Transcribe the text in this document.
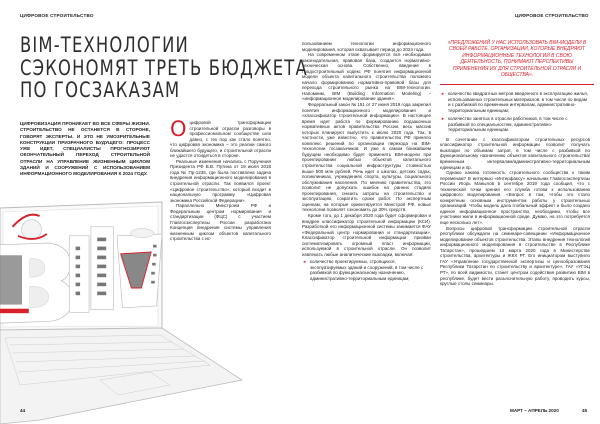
ЦИФРОВОЕ СТРОИТЕЛЬСТВО
BIM-ТЕХНОЛОГИИ
СЭКОНОМЯТ ТРЕТЬ БЮДЖЕТА
ПО ГОСЗАКАЗАМ
ЦИФРОВИЗАЦИЯ ПРОНИКАЕТ ВО ВСЕ СФЕРЫ ЖИЗНИ. СТРОИТЕЛЬСТВО НЕ ОСТАНЕТСЯ В СТОРОНЕ, ГОВОРЯТ ЭКСПЕРТЫ. И ЭТО НЕ УМОЗРИТЕЛЬНЫЕ КОНСТРУКЦИИ ПРИЗРАЧНОГО БУДУЩЕГО: ПРОЦЕСС УЖЕ ИДЕТ, СПЕЦИАЛИСТЫ ПРОГНОЗИРУЮТ ОКОНЧАТЕЛЬНЫЙ ПЕРЕХОД СТРОИТЕЛЬНОЙ ОТРАСЛИ НА УПРАВЛЕНИЕ ЖИЗНЕННЫМ ЦИКЛОМ ЗДАНИЙ И СООРУЖЕНИЙ С ИСПОЛЬЗОВАНИЕМ ИНФОРМАЦИОННОГО МОДЕЛИРОВАНИЯ К 2024 ГОДУ.

Оцифровой трансформации строительной отрасли разговоры в профессиональном сообществе шли давно, с тех пор как стало понятно, что цифровая экономика – это реалии самого ближайшего будущего, и строительной отрасли не удастся отсидеться в стороне.

Реальные изменения начались с Поручения Президента РФ В.В. Путина от 19 июля 2018 года № Пр-1235, где была поставлена задача внедрения информационного моделирования в строительной отрасли. Так появился проект «Цифровое строительство», который входит в национальную программу «Цифровая экономика Российской Федерации».

Параллельно Минстроем РФ и Федеральным центром нормирования и стандартизации (ФЦС) с участием Главгосэкспертизы России разработана Концепция внедрения системы управления жизненным циклом объектов капитального строительства с ис-

44
ЦИФРОВОЕ СТРОИТЕЛЬСТВО

пользованием технологии информационного моделирования, которая охватывает период до 2024 года.

На современном этапе формируется вся необходимая законодательная, правовая база, создается нормативно-техническая основа. Собственно, введение в Градостроительный кодекс РФ понятия информационной модели объекта капитального строительства положило начало формированию нормативно-правовой базы для перехода строительного рынка на BIM-технологии. Напомним, BIM (Building Information Modeling) – «информационное моделирование здания».

Федеральный закон № 151 от 27 июня 2019 года закрепил понятия информационного моделирования и «классификатор строительной информации». В настоящее время идет работа по формированию подзаконных нормативных актов правительства России, весь массив которых планируют выпустить к июлю 2020 года. Так, в частности, уже известно, что правительство РФ приняло комплекс решений по организации перехода на BIM-технологии госзаказчиков. И уже в самом ближайшем будущем необходимо будет применять BIM-модели при проектировании любых объектов капитального строительства социальной инфраструктуры стоимостью выше 500 млн рублей. Речь идет о школах, детских садах, поликлиниках, учреждениях спорта, культуры, социального обслуживания населения. По мнению правительства, это позволит не допускать ошибок на ранних стадиях проектирования, снизить затраты на строительство и эксплуатацию, сократить сроки работ. По экспертным оценкам, на которые ориентируется Минстрой РФ, новые технологии позволят сэкономить до 30% средств.

Кроме того, до 1 декабря 2020 года будет сформирован и внедрен классификатор строительной информации (КСИ). Разработкой его информационной системы занимается ФАУ «Федеральный центр нормирования и стандартизации». Классификатор строительной информации призван систематизировать огромный пласт информации, используемой в строительной отрасли. Он позволит извлекать любые аналитические выкладки, включая:

► количество проектируемых, строящихся, эксплуатируемых зданий и сооружений, в том числе с разбивкой по функциональному назначению, административно-территориальным единицам;
«ПРЕДЛОЖЕНИЙ У НАС ИСПОЛЬЗОВАТЬ BIM-МОДЕЛИ В СВОЕЙ РАБОТЕ. ОРГАНИЗАЦИИ, КОТОРЫЕ ВНЕДРЯЮТ ИНФОРМАЦИОННЫЕ ТЕХНОЛОГИИ В СВОЮ ДЕЯТЕЛЬНОСТЬ, ПОНИМАЮТ ПЕРСПЕКТИВЫ ПРИМЕНЕНИЯ ИХ ДЛЯ СТРОИТЕЛЬНОЙ ОТРАСЛИ И ОБЩЕСТВА».
► количество квадратных метров введенного в эксплуатацию жилья, использованных строительных материалов, в том числе по видам и с разбивкой по временным интервалам, административно-территориальным единицам;
► количество занятых в отрасли работников, в том числе с разбивкой по специальностям, административно-территориальным единицам.

В сочетании с классификатором строительных ресурсов классификатор строительной информации позволит получать выкладки по объемам затрат, в том числе с разбивкой по функциональному назначению объектов капитального строительства/временным интервалам/административно-территориальным единицам и пр.

Однако какова готовность строительного сообщества к таким переменам? В интервью «Интерфаксу» начальник Главгосэкспертизы России Игорь Манылов в сентябре 2019 года сообщил, что с технической точки зрения его служба готова к использованию цифрового моделирования. «Вопрос в том, чтобы это стало конкретным основным инструментом работы у строительных организаций. Чтобы модель дала глобальный эффект и было создано единое информационное пространство, необходимо, чтобы все участники жили в информационной среде. Думаю, на это потребуется еще несколько лет».

Вопросы цифровой трансформации строительной отрасли республики обсуждали на семинаре-совещании «Информационное моделирование объектов строительства. Этапы внедрения технологий информационного моделирования в строительстве в Республике Татарстан», прошедшем 13 марта 2020 года в Министерстве строительства, архитектуры и ЖКХ РТ. Его инициатором выступило ГАУ «Управление государственной экспертизы и ценообразования Республики Татарстан по строительству и архитектуре». ГАУ «УГЭЦ РТ», по всей видимости, станет центром содействия развитию BIM в республике, будет вести разъяснительную работу, проводить курсы, круглые столы семинары.

МАРТ – АПРЕЛЬ 2020	45
